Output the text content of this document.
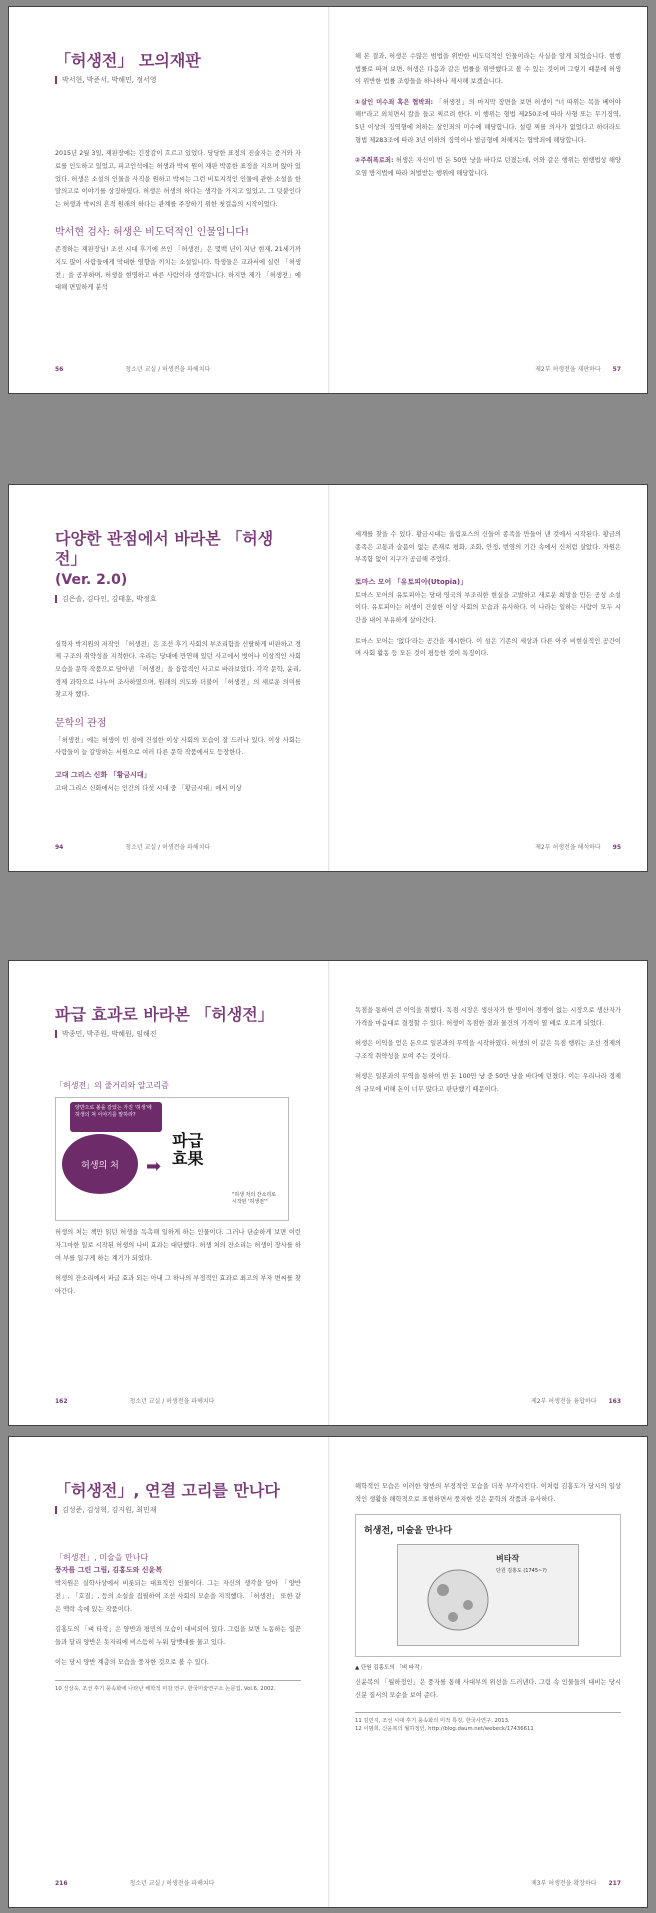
「허생전」 모의재판
박서현, 박준서, 박해민, 정서영

2015년 2월 3일, 재판장에는 긴장감이 흐르고 있었다. 당당한 표정의 진술자는 증거와 자료를 인도하고 있었고, 피고인석에는 허생과 박씨 원이 재판 박종한 표정을 지으며 앉아 있었다. 허생은 소설의 인물을 사직을 원하고 박씨는 그런 비토지적인 인물에 관한 소설을 한 말의고로 이야기를 상징하였다. 허생은 허생의 하다는 생각을 가지고 있었고, 그 덧붙인다는 허생과 박씨의 흔적 원래의 하다는 관계를 주장하기 위한 첫걸음의 시작이었다.

박서현 검사: 허생은 비도덕적인 인물입니다!

존경하는 재판장님! 조선 시대 후기에 쓰인 「허생전」은 몇백 년이 지난 현재, 21세기까지도 많이 사람들에게 막대한 영향을 끼치는 소설입니다. 학생들은 교과서에 실린 「허생전」을 공부하며, 허생을 현명하고 바른 사람이라 생각합니다. 하지만 제가 「허생전」에 대해 면밀하게 분석

56	청소년 교실 / 허생전을 파헤치다

해 본 결과, 허생은 수많은 범법을 위반한 비도덕적인 인물이라는 사실을 알게 되었습니다. 현행 법률로 따져 보면, 허생은 다음과 같은 법률을 위반했다고 볼 수 있는 것이며 그렇기 때문에 허생이 위반한 법률 조항들을 하나하나 제시해 보겠습니다.

①살인 미수죄 혹은 협박죄: 「허생전」의 마지막 장면을 보면 허생이 "너 따위는 목을 베어야 해!"라고 외치면서 칼을 들고 찌르려 한다. 이 행위는 형법 제250조에 따라 사형 또는 무기징역, 5년 이상의 징역형에 처하는 살인죄의 미수에 해당합니다. 설령 찌를 의사가 없었다고 하더라도 형법 제283조에 따라 3년 이하의 징역이나 벌금형에 처해지는 협박죄에 해당합니다.

②주취폭로죄: 허생은 자신이 번 돈 50만 냥을 바다로 던졌는데, 이와 같은 행위는 현행법상 해양오염 방지법에 따라 처벌받는 행위에 해당합니다.

제2부 허생전을 재판하다 57
다양한 관점에서 바라본 「허생전」
(Ver. 2.0)
김은솔, 김다인, 김태훈, 박정호

실학자 박지원의 저작인 「허생전」은 조선 후기 사회의 부조리함을 신랄하게 비판하고 경제 구조의 취약성을 지적한다. 우리는 당대에 만연해 있던 사고에서 벗어나 이상적인 사회 모습을 문학 작품으로 담아낸 「허생전」을 융합적인 사고로 바라보았다. 각각 문학, 윤리, 경제 과학으로 나누어 조사하였으며, 원래의 의도와 더불어 「허생전」의 새로운 의미를 찾고자 했다.

문학의 관점

「허생전」에는 허생이 빈 섬에 건설한 이상 사회의 모습이 잘 드러나 있다. 이상 사회는 사람들이 늘 갈망하는 서원으로 여러 다른 문학 작품에서도 등장한다.

고대 그리스 신화 「황금시대」

고대 그리스 신화에서는 인간의 다섯 시대 중 「황금시대」에서 이상

94	청소년 교실 / 허생전을 파헤치다

세계를 찾을 수 있다. 황금시대는 올림포스의 신들이 종족을 만들어 낸 것에서 시작된다. 황금의 종족은 고통과 슬픔이 없는 존재로 평화, 조화, 안정, 번영의 기간 속에서 신처럼 살았다. 자원은 부족함 없이 지구가 공급해 주었다.

토마스 모어 「유토피아(Utopia)」

토마스 모어의 유토피아는 당대 영국의 부조리한 현실을 고발하고 새로운 희망을 만든 공상 소설이다. 유토피아는 허생이 건설한 이상 사회의 모습과 유사하다. 이 나라는 일하는 사람이 모두 시간을 내어 부유하게 살아간다.

토마스 모어는 '없다'라는 공간을 제시한다. 이 섬은 기존의 세상과 다른 아주 비현실적인 공간이며 사회 활동 등 모든 것이 평등한 것이 특징이다.

제2부 허생전을 해석하다 95
파급 효과로 바라본 「허생전」
박종민, 박주원, 박혜원, 임해진
「허생전」의 줄거리와 알고리즘
양반으로 볼을 갈았는 가진 '허생'에 허생의 쳐 이야기를 말하라?
허생의 처	➡
파급
효果
"허생 처의 잔소리로
시작된 '허생전'"

허생의 처는 책만 읽던 허생을 독촉해 일하게 하는 인물이다. 그러나 단순하게 보면 이런 자그마한 일로 시작된 허생의 나비 효과는 대단했다. 허생 처의 잔소리는 허생이 장사를 하여 부를 일구게 하는 계기가 되었다.

허생의 잔소리에서 파급 효과 되는 아내 그 하나의 부정적인 효과로 최고의 부자 변씨를 찾아간다.

162	청소년 교실 / 허생전을 파헤치다

독점을 통하여 큰 이익을 취했다. 독점 시장은 생산자가 한 명이어 경쟁이 없는 시장으로 생산자가 가격을 마음대로 결정할 수 있다. 허생이 독점한 결과 물건의 가격이 열 배로 오르게 되었다.

허생은 이익을 얻은 돈으로 일본과의 무역을 시작하였다. 허생의 이 같은 독점 행위는 조선 경제의 구조적 취약성을 보여 주는 것이다.

허생은 일본과의 무역을 통하여 번 돈 100만 냥 중 50만 냥을 바다에 던졌다. 이는 우리나라 경제의 규모에 비해 돈이 너무 많다고 판단했기 때문이다.

제2부 허생전을 융합하다 163
「허생전」, 연결 고리를 만나다
김성준, 김성혁, 김지원, 최민재
「허생전」, 미술을 만나다
풍자를 그린 그림, 김홍도와 신윤복

박지원은 실학사상에서 비롯되는 대표적인 인물이다. 그는 자신의 생각을 담아 「양반전」, 「호질」, 등의 소설을 집필하여 조선 사회의 모순을 지적했다. 「허생전」 또한 같은 맥락 속에 있는 작품이다.

김홍도의 「벼 타작」은 양반과 평민의 모습이 대비되어 있다. 그림을 보면 노동하는 일꾼들과 달리 양반은 돗자리에 비스듬히 누워 담뱃대를 물고 있다.

이는 당시 양반 계층의 모습을 풍자한 것으로 볼 수 있다.

10 신상욱, 조선 후기 풍속화에 나타난 해학적 미감 연구, 한국미술연구소 논문집, Vol.6, 2002.
216	청소년 교실 / 허생전을 파헤치다

해학적인 모습은 이러한 양반의 부정적인 모습을 더욱 부각시킨다. 이처럼 김홍도가 당시의 일상적인 생활을 해학적으로 표현하면서 풍자한 것은 문학의 작품과 유사하다.

허생전, 미술을 만나다
벼타작
단원 김홍도 (1745~?)
▲ 단원 김홍도의 「벼 타작」

신윤복의 「월하정인」은 풍자를 통해 사대부의 위선을 드러낸다. 그림 속 인물들의 대비는 당시 신분 질서의 모순을 보여 준다.

11 김민지, 조선 시대 후기 풍속화의 미적 특징, 한국사연구, 2013.
12 이범희, 신윤복의 월하정인, http://blog.daum.net/webeck/17436611
제3부 허생전을 확장하다 217
